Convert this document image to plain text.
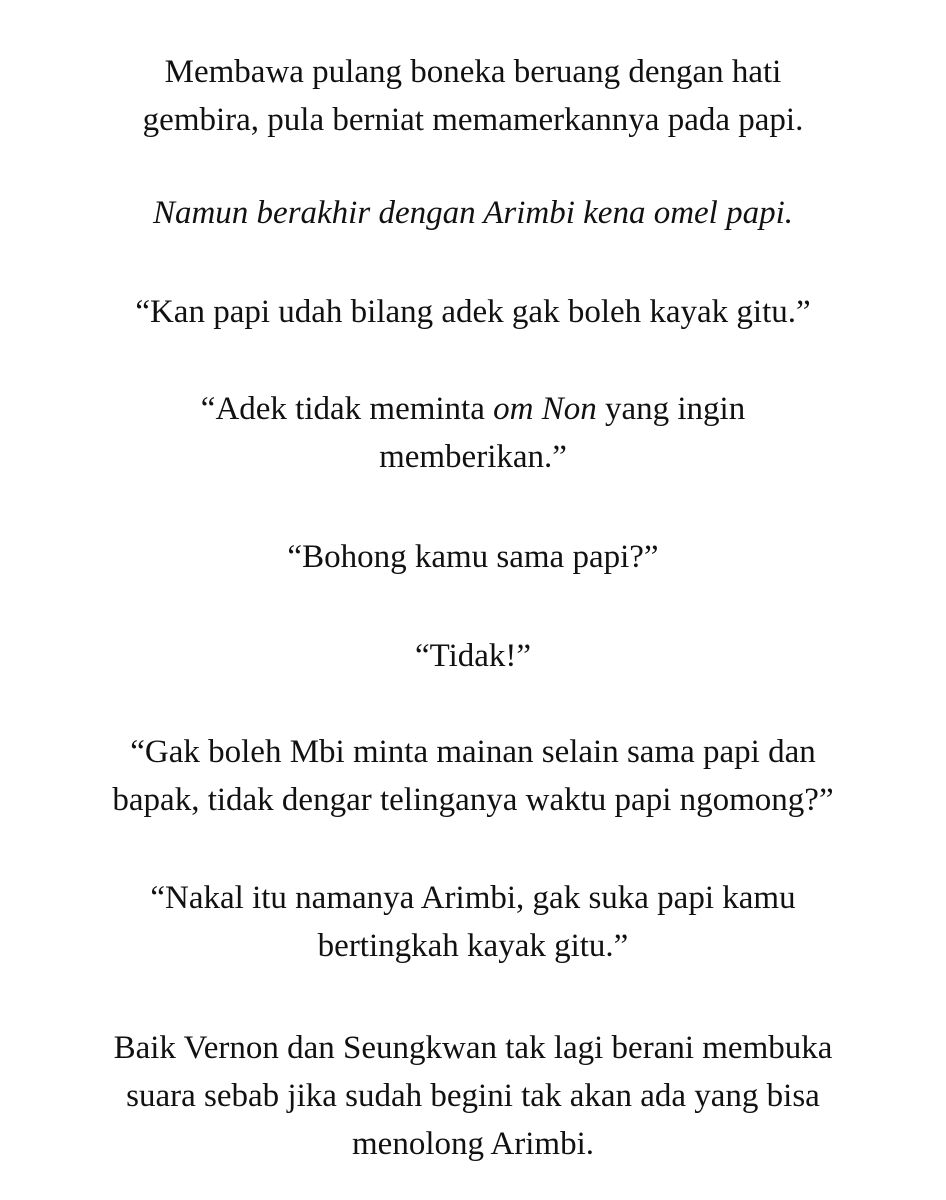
Membawa pulang boneka beruang dengan hati
gembira, pula berniat memamerkannya pada papi.

Namun berakhir dengan Arimbi kena omel papi.

“Kan papi udah bilang adek gak boleh kayak gitu.”

“Adek tidak meminta om Non yang ingin
memberikan.”

“Bohong kamu sama papi?”

“Tidak!”

“Gak boleh Mbi minta mainan selain sama papi dan
bapak, tidak dengar telinganya waktu papi ngomong?”

“Nakal itu namanya Arimbi, gak suka papi kamu
bertingkah kayak gitu.”

Baik Vernon dan Seungkwan tak lagi berani membuka
suara sebab jika sudah begini tak akan ada yang bisa
menolong Arimbi.
